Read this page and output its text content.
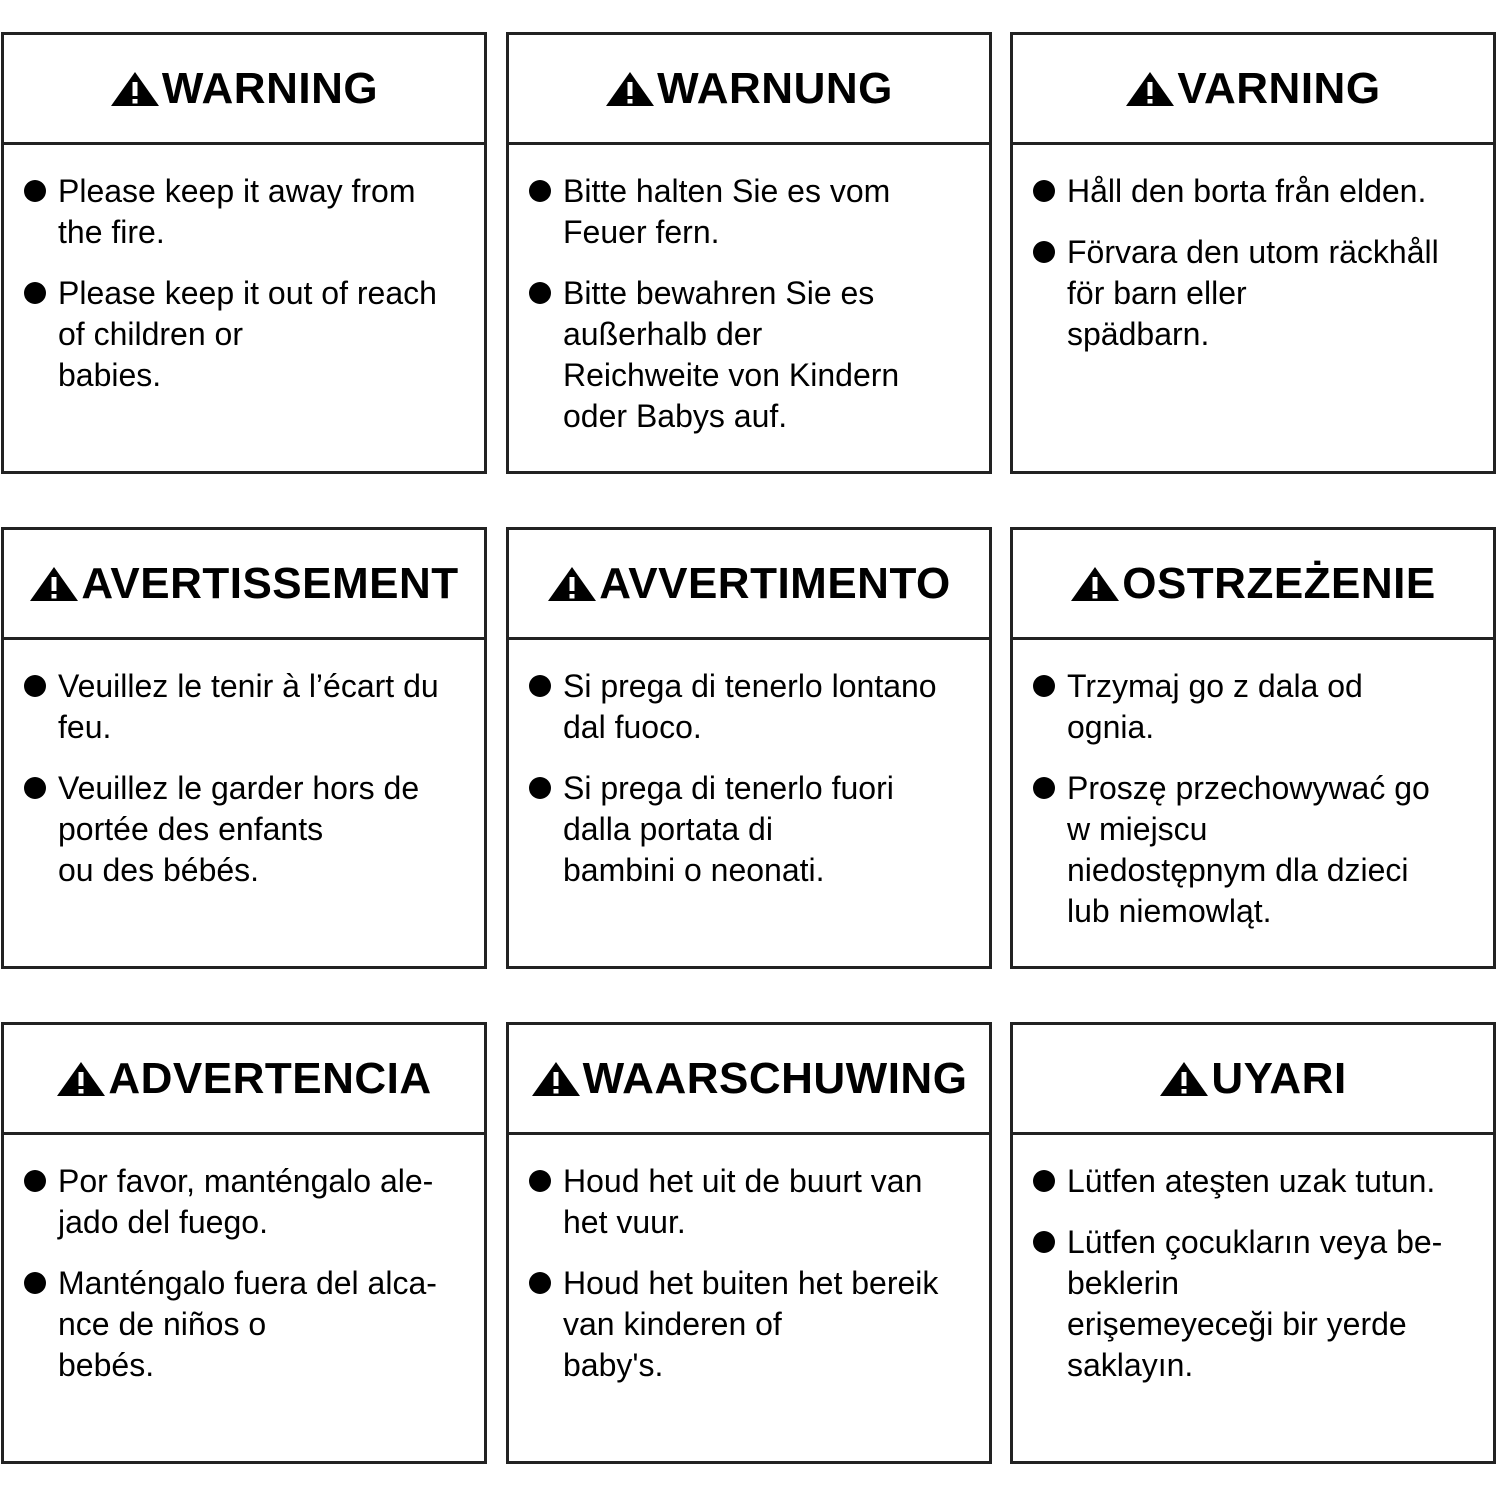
WARNING
Please keep it away from
the fire.
Please keep it out of reach
of children or
babies.
WARNUNG
Bitte halten Sie es vom
Feuer fern.
Bitte bewahren Sie es
außerhalb der
Reichweite von Kindern
oder Babys auf.
VARNING
Håll den borta från elden.
Förvara den utom räckhåll
för barn eller
spädbarn.
AVERTISSEMENT
Veuillez le tenir à l’écart du
feu.
Veuillez le garder hors de
portée des enfants
ou des bébés.
AVVERTIMENTO
Si prega di tenerlo lontano
dal fuoco.
Si prega di tenerlo fuori
dalla portata di
bambini o neonati.
OSTRZEŻENIE
Trzymaj go z dala od
ognia.
Proszę przechowywać go
w miejscu
niedostępnym dla dzieci
lub niemowląt.
ADVERTENCIA
Por favor, manténgalo ale-
jado del fuego.
Manténgalo fuera del alca-
nce de niños o
bebés.
WAARSCHUWING
Houd het uit de buurt van
het vuur.
Houd het buiten het bereik
van kinderen of
baby's.
UYARI
Lütfen ateşten uzak tutun.
Lütfen çocukların veya be-
beklerin
erişemeyeceği bir yerde
saklayın.
